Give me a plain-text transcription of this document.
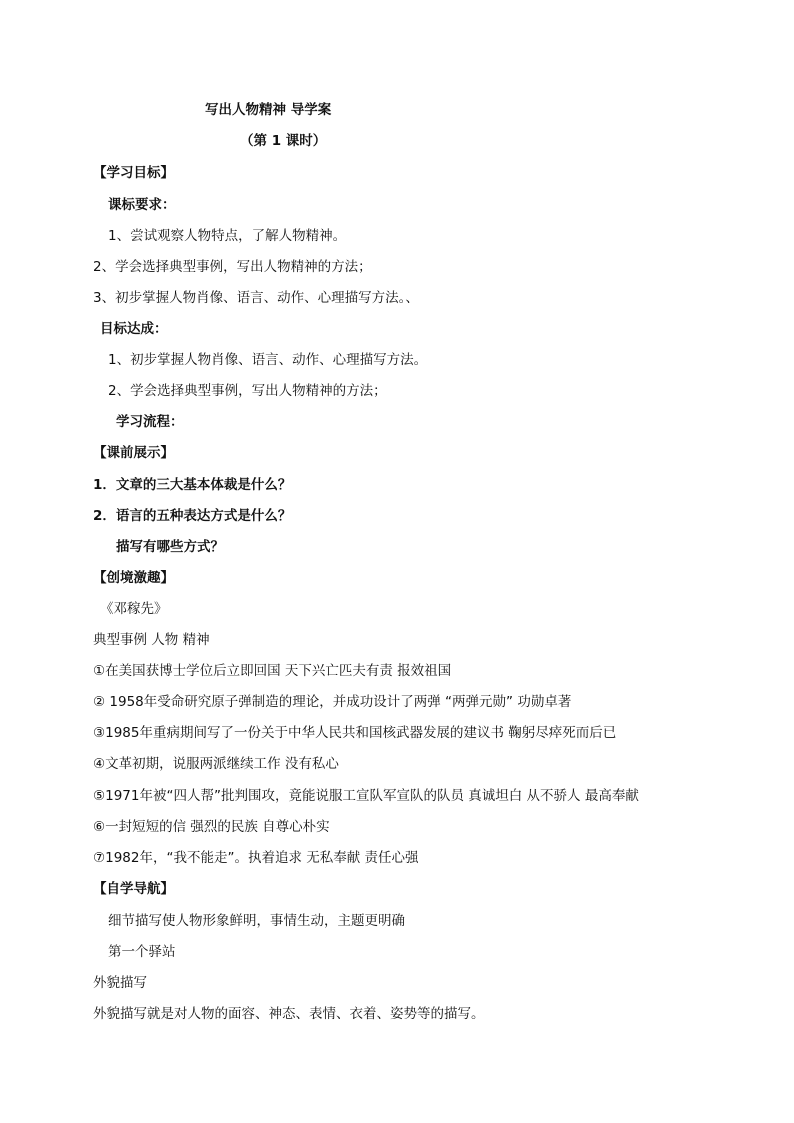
写出人物精神 导学案
（第 1 课时）
【学习目标】
课标要求：
1、尝试观察人物特点，了解人物精神。
2、学会选择典型事例，写出人物精神的方法；
3、初步掌握人物肖像、语言、动作、心理描写方法。、
目标达成：
1、初步掌握人物肖像、语言、动作、心理描写方法。
2、学会选择典型事例，写出人物精神的方法；
学习流程：
【课前展示】
1．文章的三大基本体裁是什么？
2．语言的五种表达方式是什么？
描写有哪些方式？
【创境激趣】
《邓稼先》
典型事例 人物 精神
①在美国获博士学位后立即回国 天下兴亡匹夫有责 报效祖国
② 1958年受命研究原子弹制造的理论，并成功设计了两弹 “两弹元勋” 功勋卓著
③1985年重病期间写了一份关于中华人民共和国核武器发展的建议书 鞠躬尽瘁死而后已
④文革初期，说服两派继续工作 没有私心
⑤1971年被“四人帮”批判围攻，竟能说服工宣队军宣队的队员 真诚坦白 从不骄人 最高奉献
⑥一封短短的信 强烈的民族 自尊心朴实
⑦1982年，“我不能走”。执着追求 无私奉献 责任心强
【自学导航】
细节描写使人物形象鲜明，事情生动，主题更明确
第一个驿站
外貌描写
外貌描写就是对人物的面容、神态、表情、衣着、姿势等的描写。
